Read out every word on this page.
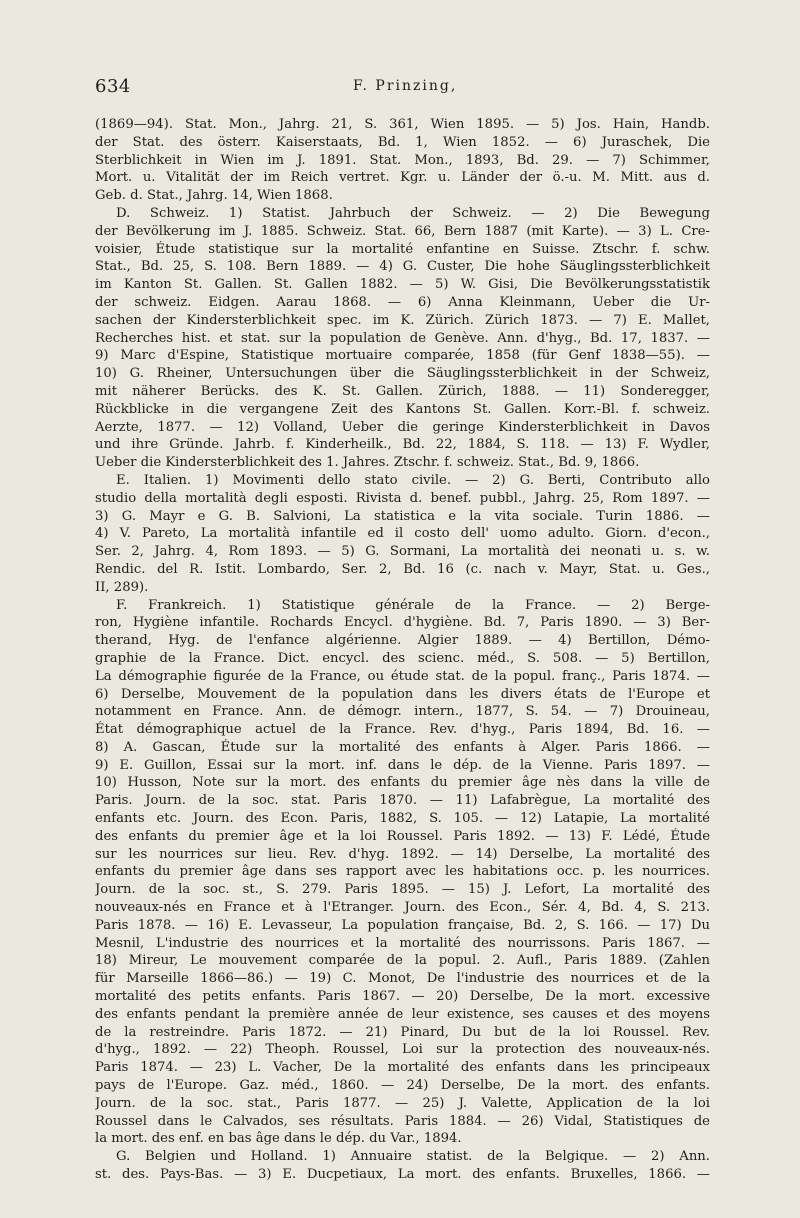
634	F. Prinzing,
(1869—94). Stat. Mon., Jahrg. 21, S. 361, Wien 1895. — 5) Jos. Hain, Handb.
der Stat. des österr. Kaiserstaats, Bd. 1, Wien 1852. — 6) Juraschek, Die
Sterblichkeit in Wien im J. 1891. Stat. Mon., 1893, Bd. 29. — 7) Schimmer,
Mort. u. Vitalität der im Reich vertret. Kgr. u. Länder der ö.-u. M. Mitt. aus d.
Geb. d. Stat., Jahrg. 14, Wien 1868.
D. Schweiz. 1) Statist. Jahrbuch der Schweiz. — 2) Die Bewegung
der Bevölkerung im J. 1885. Schweiz. Stat. 66, Bern 1887 (mit Karte). — 3) L. Cre-
voisier, Étude statistique sur la mortalité enfantine en Suisse. Ztschr. f. schw.
Stat., Bd. 25, S. 108. Bern 1889. — 4) G. Custer, Die hohe Säuglingssterblichkeit
im Kanton St. Gallen. St. Gallen 1882. — 5) W. Gisi, Die Bevölkerungsstatistik
der schweiz. Eidgen. Aarau 1868. — 6) Anna Kleinmann, Ueber die Ur-
sachen der Kindersterblichkeit spec. im K. Zürich. Zürich 1873. — 7) E. Mallet,
Recherches hist. et stat. sur la population de Genève. Ann. d'hyg., Bd. 17, 1837. —
9) Marc d'Espine, Statistique mortuaire comparée, 1858 (für Genf 1838—55). —
10) G. Rheiner, Untersuchungen über die Säuglingssterblichkeit in der Schweiz,
mit näherer Berücks. des K. St. Gallen. Zürich, 1888. — 11) Sonderegger,
Rückblicke in die vergangene Zeit des Kantons St. Gallen. Korr.-Bl. f. schweiz.
Aerzte, 1877. — 12) Volland, Ueber die geringe Kindersterblichkeit in Davos
und ihre Gründe. Jahrb. f. Kinderheilk., Bd. 22, 1884, S. 118. — 13) F. Wydler,
Ueber die Kindersterblichkeit des 1. Jahres. Ztschr. f. schweiz. Stat., Bd. 9, 1866.
E. Italien. 1) Movimenti dello stato civile. — 2) G. Berti, Contributo allo
studio della mortalità degli esposti. Rivista d. benef. pubbl., Jahrg. 25, Rom 1897. —
3) G. Mayr e G. B. Salvioni, La statistica e la vita sociale. Turin 1886. —
4) V. Pareto, La mortalità infantile ed il costo dell' uomo adulto. Giorn. d'econ.,
Ser. 2, Jahrg. 4, Rom 1893. — 5) G. Sormani, La mortalità dei neonati u. s. w.
Rendic. del R. Istit. Lombardo, Ser. 2, Bd. 16 (c. nach v. Mayr, Stat. u. Ges.,
II, 289).
F. Frankreich. 1) Statistique générale de la France. — 2) Berge-
ron, Hygiène infantile. Rochards Encycl. d'hygiène. Bd. 7, Paris 1890. — 3) Ber-
therand, Hyg. de l'enfance algérienne. Algier 1889. — 4) Bertillon, Démo-
graphie de la France. Dict. encycl. des scienc. méd., S. 508. — 5) Bertillon,
La démographie figurée de la France, ou étude stat. de la popul. franç., Paris 1874. —
6) Derselbe, Mouvement de la population dans les divers états de l'Europe et
notamment en France. Ann. de démogr. intern., 1877, S. 54. — 7) Drouineau,
État démographique actuel de la France. Rev. d'hyg., Paris 1894, Bd. 16. —
8) A. Gascan, Étude sur la mortalité des enfants à Alger. Paris 1866. —
9) E. Guillon, Essai sur la mort. inf. dans le dép. de la Vienne. Paris 1897. —
10) Husson, Note sur la mort. des enfants du premier âge nès dans la ville de
Paris. Journ. de la soc. stat. Paris 1870. — 11) Lafabrègue, La mortalité des
enfants etc. Journ. des Econ. Paris, 1882, S. 105. — 12) Latapie, La mortalité
des enfants du premier âge et la loi Roussel. Paris 1892. — 13) F. Lédé, Étude
sur les nourrices sur lieu. Rev. d'hyg. 1892. — 14) Derselbe, La mortalité des
enfants du premier âge dans ses rapport avec les habitations occ. p. les nourrices.
Journ. de la soc. st., S. 279. Paris 1895. — 15) J. Lefort, La mortalité des
nouveaux-nés en France et à l'Etranger. Journ. des Econ., Sér. 4, Bd. 4, S. 213.
Paris 1878. — 16) E. Levasseur, La population française, Bd. 2, S. 166. — 17) Du
Mesnil, L'industrie des nourrices et la mortalité des nourrissons. Paris 1867. —
18) Mireur, Le mouvement comparée de la popul. 2. Aufl., Paris 1889. (Zahlen
für Marseille 1866—86.) — 19) C. Monot, De l'industrie des nourrices et de la
mortalité des petits enfants. Paris 1867. — 20) Derselbe, De la mort. excessive
des enfants pendant la première année de leur existence, ses causes et des moyens
de la restreindre. Paris 1872. — 21) Pinard, Du but de la loi Roussel. Rev.
d'hyg., 1892. — 22) Theoph. Roussel, Loi sur la protection des nouveaux-nés.
Paris 1874. — 23) L. Vacher, De la mortalité des enfants dans les principeaux
pays de l'Europe. Gaz. méd., 1860. — 24) Derselbe, De la mort. des enfants.
Journ. de la soc. stat., Paris 1877. — 25) J. Valette, Application de la loi
Roussel dans le Calvados, ses résultats. Paris 1884. — 26) Vidal, Statistiques de
la mort. des enf. en bas âge dans le dép. du Var., 1894.
G. Belgien und Holland. 1) Annuaire statist. de la Belgique. — 2) Ann.
st. des. Pays-Bas. — 3) E. Ducpetiaux, La mort. des enfants. Bruxelles, 1866. —
